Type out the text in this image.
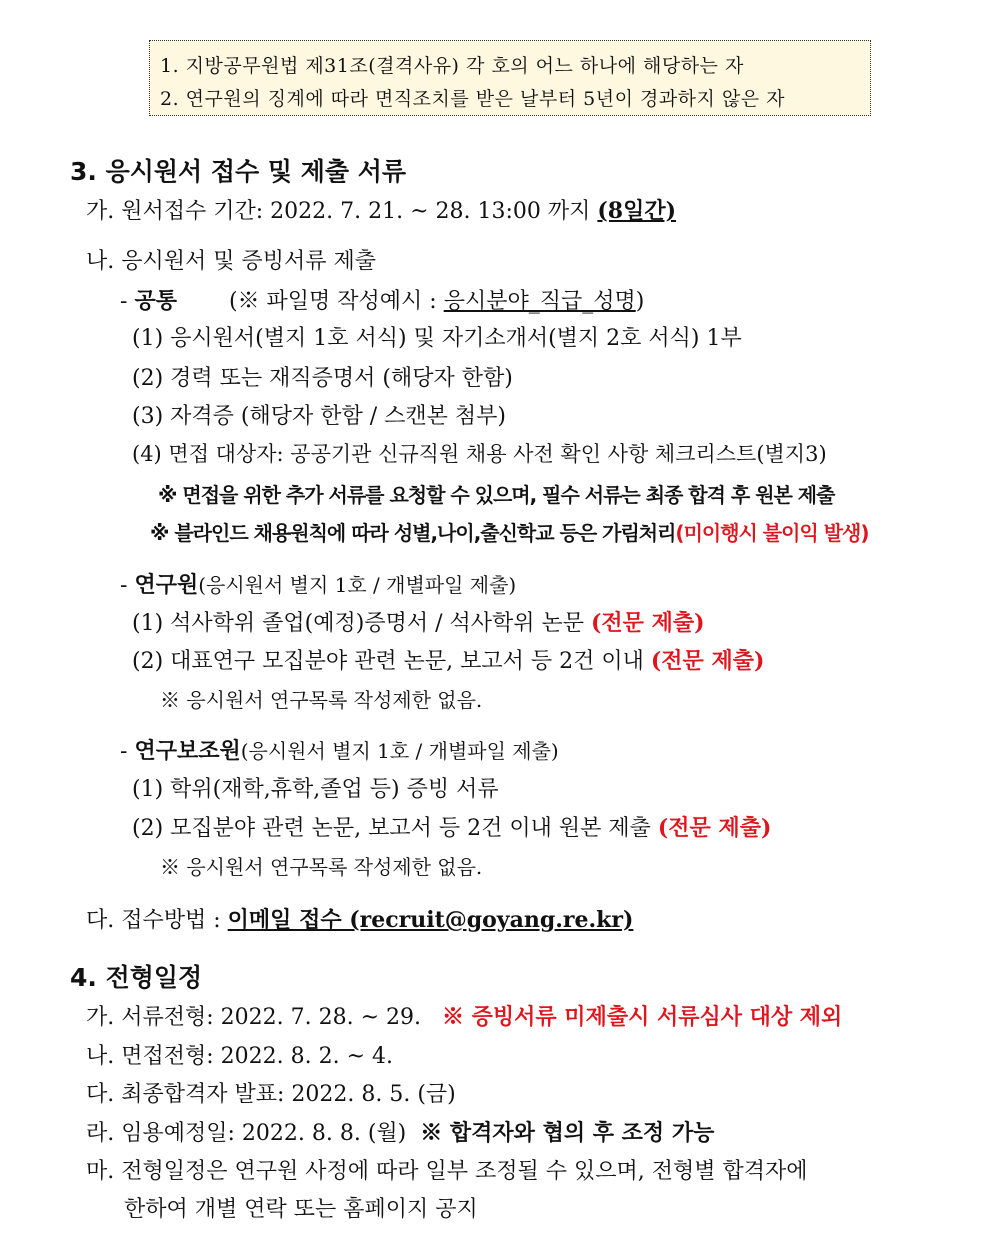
1. 지방공무원법 제31조(결격사유) 각 호의 어느 하나에 해당하는 자
2. 연구원의 징계에 따라 면직조치를 받은 날부터 5년이 경과하지 않은 자
3. 응시원서 접수 및 제출 서류
가. 원서접수 기간: 2022. 7. 21. ~ 28. 13:00 까지 (8일간)
나. 응시원서 및 증빙서류 제출
- 공통 (※ 파일명 작성예시 : 응시분야_직급_성명)
(1) 응시원서(별지 1호 서식) 및 자기소개서(별지 2호 서식) 1부
(2) 경력 또는 재직증명서 (해당자 한함)
(3) 자격증 (해당자 한함 / 스캔본 첨부)
(4) 면접 대상자: 공공기관 신규직원 채용 사전 확인 사항 체크리스트(별지3)
※ 면접을 위한 추가 서류를 요청할 수 있으며, 필수 서류는 최종 합격 후 원본 제출
※ 블라인드 채용원칙에 따라 성별,나이,출신학교 등은 가림처리(미이행시 불이익 발생)
- 연구원(응시원서 별지 1호 / 개별파일 제출)
(1) 석사학위 졸업(예정)증명서 / 석사학위 논문 (전문 제출)
(2) 대표연구 모집분야 관련 논문, 보고서 등 2건 이내 (전문 제출)
※ 응시원서 연구목록 작성제한 없음.
- 연구보조원(응시원서 별지 1호 / 개별파일 제출)
(1) 학위(재학,휴학,졸업 등) 증빙 서류
(2) 모집분야 관련 논문, 보고서 등 2건 이내 원본 제출 (전문 제출)
※ 응시원서 연구목록 작성제한 없음.
다. 접수방법 : 이메일 접수 (recruit@goyang.re.kr)
4. 전형일정
가. 서류전형: 2022. 7. 28. ~ 29.   ※ 증빙서류 미제출시 서류심사 대상 제외
나. 면접전형: 2022. 8. 2. ~ 4.
다. 최종합격자 발표: 2022. 8. 5. (금)
라. 임용예정일: 2022. 8. 8. (월)  ※ 합격자와 협의 후 조정 가능
마. 전형일정은 연구원 사정에 따라 일부 조정될 수 있으며, 전형별 합격자에
한하여 개별 연락 또는 홈페이지 공지
